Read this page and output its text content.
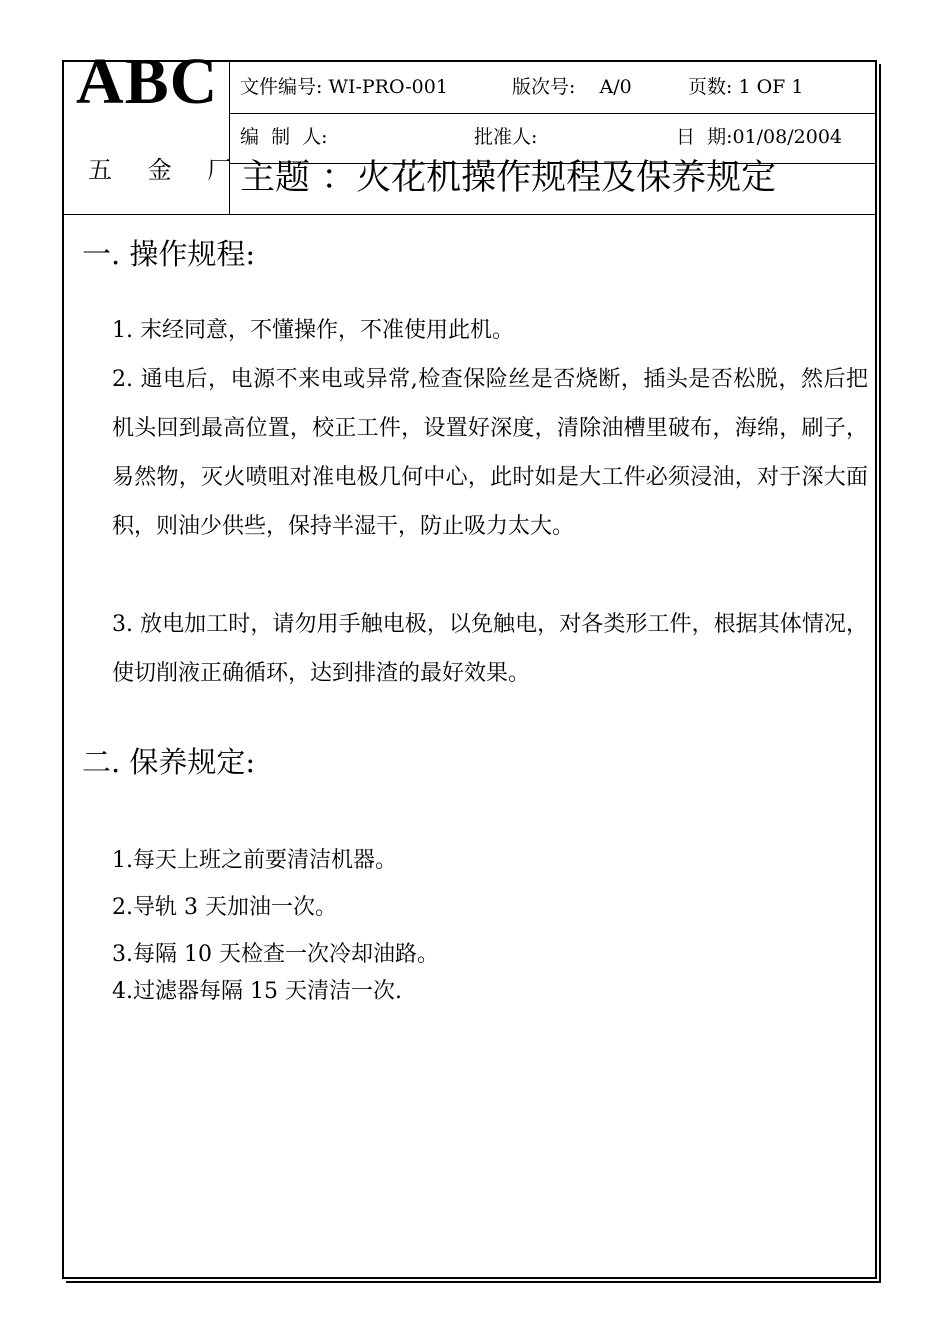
ABC
五 金 厂
文件编号: WI-PRO-001	版次号:    A/0	页数: 1 OF 1
编  制  人:	批准人:	日  期:01/08/2004
主题 ：火花机操作规程及保养规定
一. 操作规程:
1. 末经同意，不懂操作，不准使用此机。
2. 通电后，电源不来电或异常,检查保险丝是否烧断，插头是否松脱，然后把机头回到最高位置，校正工件，设置好深度，清除油槽里破布，海绵，刷子，易然物，灭火喷咀对准电极几何中心，此时如是大工件必须浸油，对于深大面积，则油少供些，保持半湿干，防止吸力太大。
3. 放电加工时，请勿用手触电极，以免触电，对各类形工件，根据其体情况，使切削液正确循环，达到排渣的最好效果。
二. 保养规定:
1.每天上班之前要清洁机器。
2.导轨 3 天加油一次。
3.每隔 10 天检查一次冷却油路。
4.过滤器每隔 15 天清洁一次.
